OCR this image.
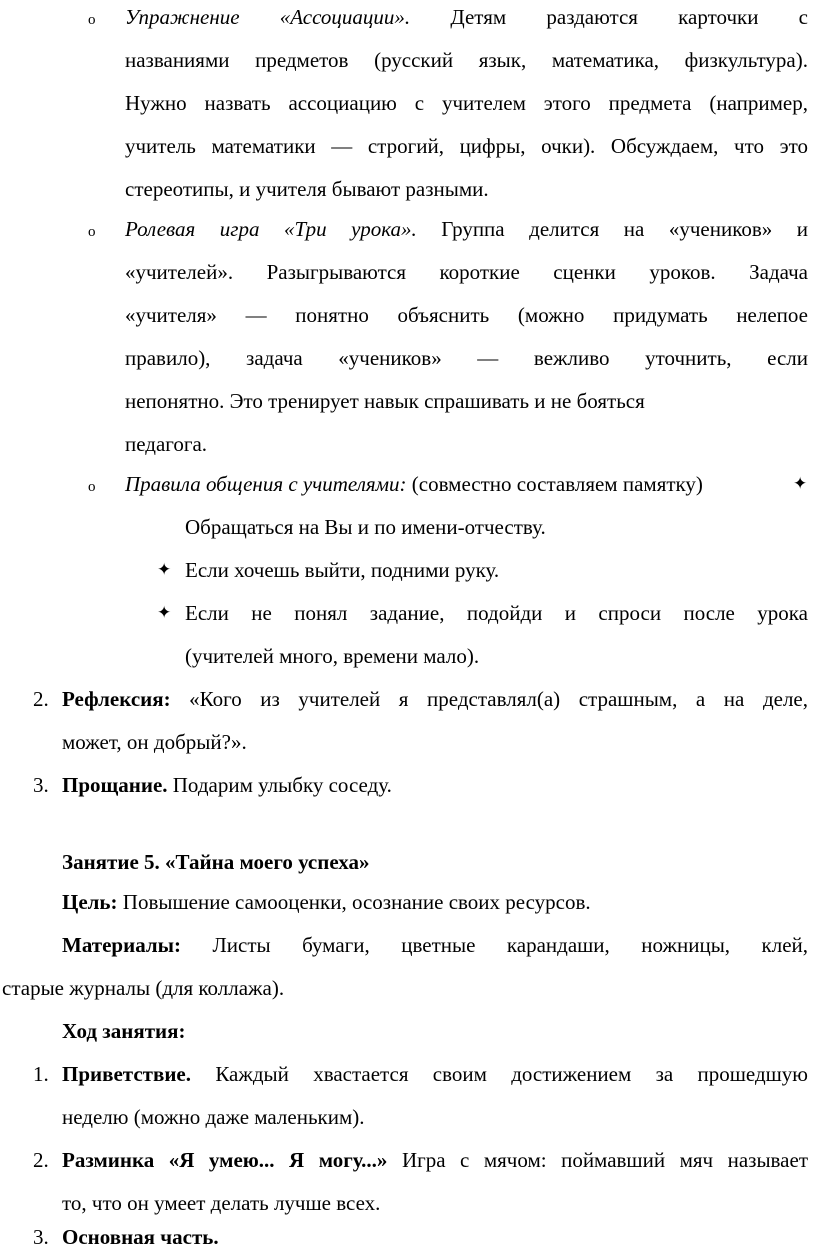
o Упражнение «Ассоциации». Детям раздаются карточки с
названиями предметов (русский язык, математика, физкультура).
Нужно назвать ассоциацию с учителем этого предмета (например,
учитель математики — строгий, цифры, очки). Обсуждаем, что это
стереотипы, и учителя бывают разными.
o Ролевая игра «Три урока». Группа делится на «учеников» и
«учителей». Разыгрываются короткие сценки уроков. Задача
«учителя» — понятно объяснить (можно придумать нелепое
правило), задача «учеников» — вежливо уточнить, если
непонятно. Это тренирует навык спрашивать и не бояться
педагога.
o Правила общения с учителями: (совместно составляем памятку)	✦
Обращаться на Вы и по имени-отчеству.
✦ Если хочешь выйти, подними руку.
✦ Если не понял задание, подойди и спроси после урока
(учителей много, времени мало).
2. Рефлексия: «Кого из учителей я представлял(а) страшным, а на деле,
может, он добрый?».
3. Прощание. Подарим улыбку соседу.
Занятие 5. «Тайна моего успеха»
Цель: Повышение самооценки, осознание своих ресурсов.
Материалы: Листы бумаги, цветные карандаши, ножницы, клей,
старые журналы (для коллажа).
Ход занятия:
1. Приветствие. Каждый хвастается своим достижением за прошедшую
неделю (можно даже маленьким).
2. Разминка «Я умею... Я могу...» Игра с мячом: поймавший мяч называет
то, что он умеет делать лучше всех.
3. Основная часть.
